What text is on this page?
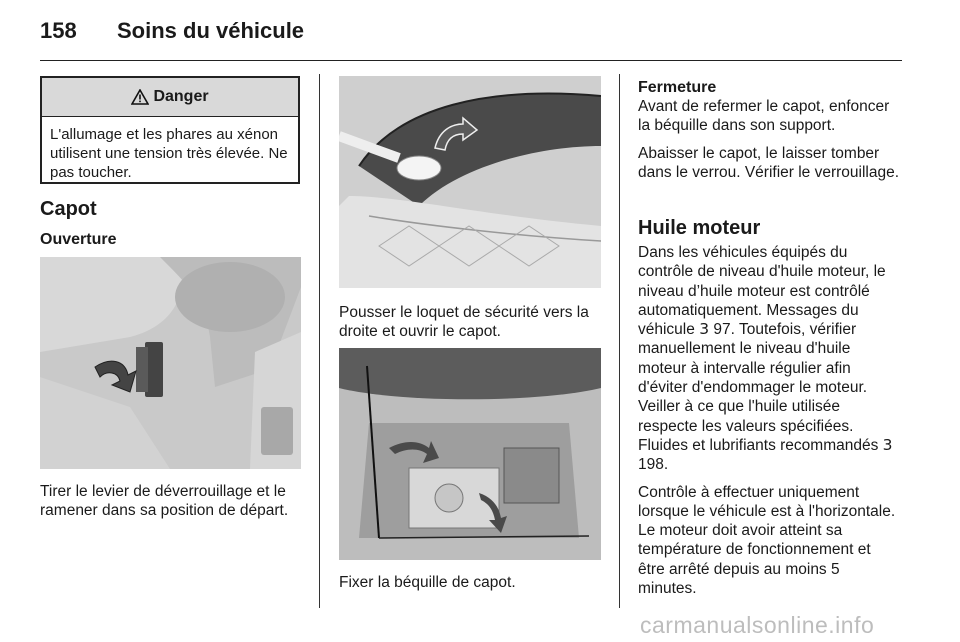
158 Soins du véhicule
Danger
L'allumage et les phares au xénon utilisent une tension très élevée. Ne pas toucher.
Capot
Ouverture
Tirer le levier de déverrouillage et le ramener dans sa position de départ.
Pousser le loquet de sécurité vers la droite et ouvrir le capot.
Fixer la béquille de capot.
Fermeture

Avant de refermer le capot, enfoncer la béquille dans son support.

Abaisser le capot, le laisser tomber dans le verrou. Vérifier le verrouillage.

Huile moteur

Dans les véhicules équipés du contrôle de niveau d'huile moteur, le niveau d’huile moteur est contrôlé automatiquement. Messages du véhicule 3 97. Toutefois, vérifier manuellement le niveau d'huile moteur à intervalle régulier afin d'éviter d'endommager le moteur. Veiller à ce que l'huile utilisée respecte les valeurs spécifiées. Fluides et lubrifiants recommandés 3 198.

Contrôle à effectuer uniquement lorsque le véhicule est à l'horizontale. Le moteur doit avoir atteint sa température de fonctionnement et être arrêté depuis au moins 5 minutes.

carmanualsonline.info
